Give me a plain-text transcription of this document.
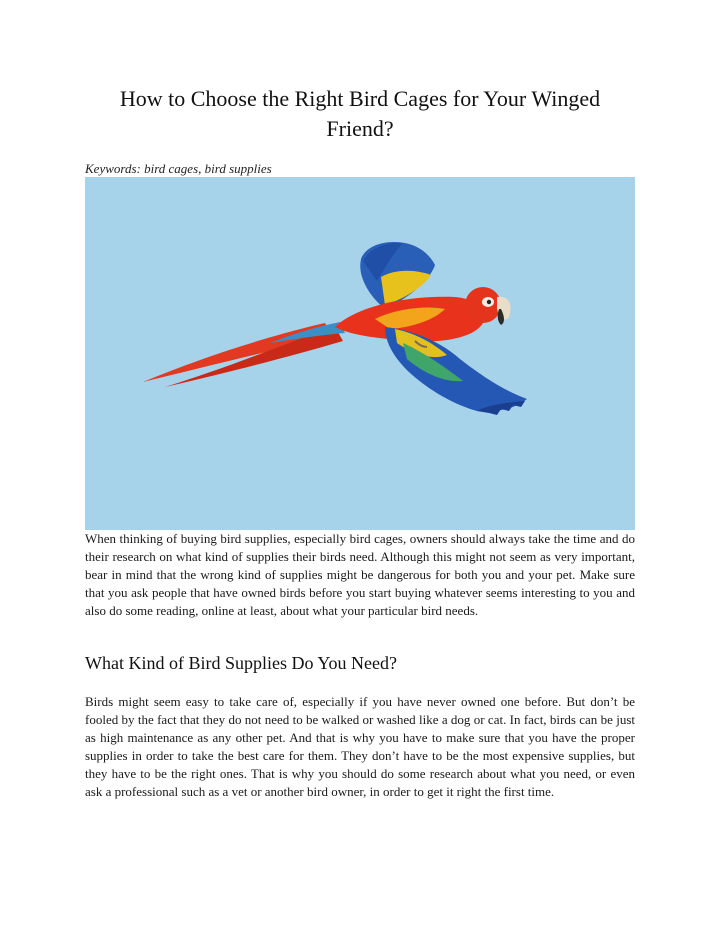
How to Choose the Right Bird Cages for Your Winged Friend?

Keywords: bird cages, bird supplies

When thinking of buying bird supplies, especially bird cages, owners should always take the time and do their research on what kind of supplies their birds need. Although this might not seem as very important, bear in mind that the wrong kind of supplies might be dangerous for both you and your pet. Make sure that you ask people that have owned birds before you start buying whatever seems interesting to you and also do some reading, online at least, about what your particular bird needs.

What Kind of Bird Supplies Do You Need?

Birds might seem easy to take care of, especially if you have never owned one before. But don’t be fooled by the fact that they do not need to be walked or washed like a dog or cat. In fact, birds can be just as high maintenance as any other pet. And that is why you have to make sure that you have the proper supplies in order to take the best care for them. They don’t have to be the most expensive supplies, but they have to be the right ones. That is why you should do some research about what you need, or even ask a professional such as a vet or another bird owner, in order to get it right the first time.
